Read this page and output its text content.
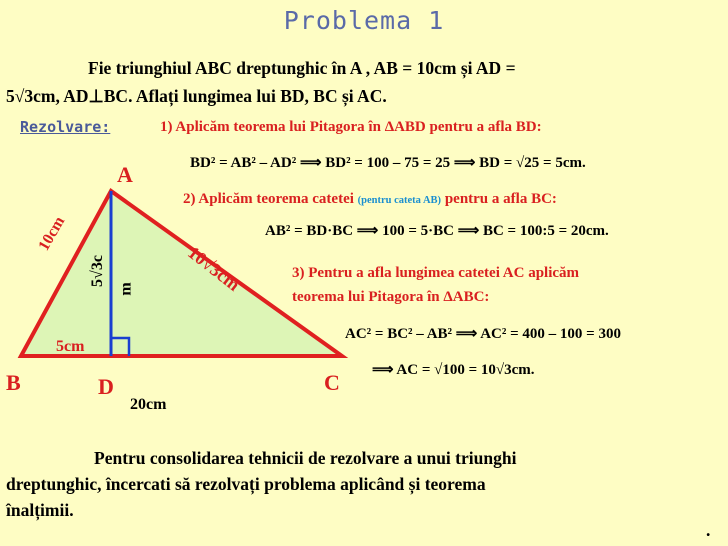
Problema 1
Fie triunghiul ABC dreptunghic în A , AB = 10cm și AD =
5√3cm, AD⊥BC. Aflați lungimea lui BD, BC și AC.
Rezolvare:	1) Aplicăm teorema lui Pitagora în ΔABD pentru a afla BD:
BD² = AB² – AD² ⟹ BD² = 100 – 75 = 25 ⟹ BD = √25 = 5cm.
2) Aplicăm teorema catetei (pentru cateta AB) pentru a afla BC:
AB² = BD·BC ⟹ 100 = 5·BC ⟹ BC = 100:5 = 20cm.
3) Pentru a afla lungimea catetei AC aplicăm
teorema lui Pitagora în ΔABC:
AC² = BC² – AB² ⟹ AC² = 400 – 100 = 300
⟹ AC = √100 = 10√3cm.
A
B	C
D
10cm
5√3c
m	10√3cm
5cm
20cm
Pentru consolidarea tehnicii de rezolvare a unui triunghi
dreptunghic, încercati să rezolvați problema aplicând și teorema
înalțimii.
.
